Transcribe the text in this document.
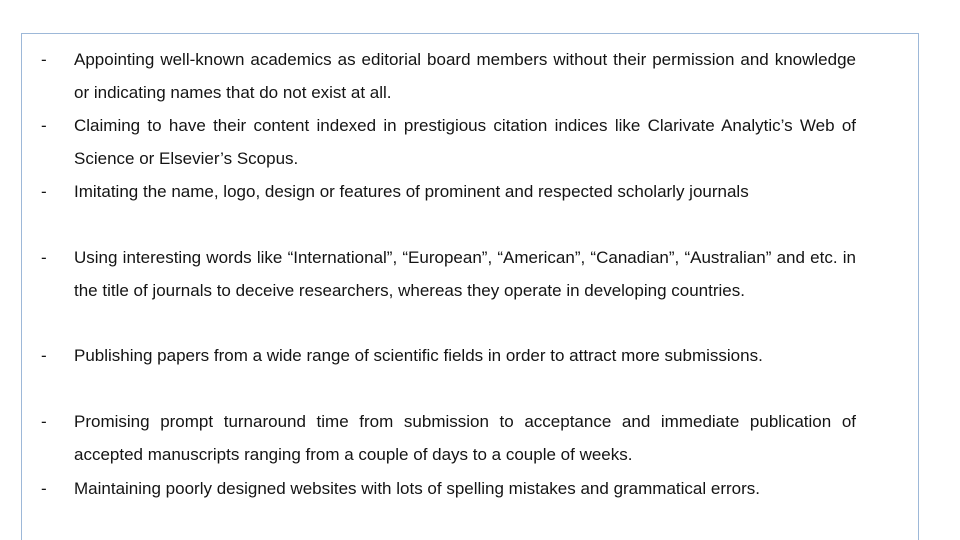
-	Appointing well-known academics as editorial board members without their permission and knowledge or indicating names that do not exist at all.

-	Claiming to have their content indexed in prestigious citation indices like Clarivate Analytic’s Web of Science or Elsevier’s Scopus.

-	Imitating the name, logo, design or features of prominent and respected scholarly journals

-	Using interesting words like “International”, “European”, “American”, “Canadian”, “Australian” and etc. in the title of journals to deceive researchers, whereas they operate in developing countries.

-	Publishing papers from a wide range of scientific fields in order to attract more submissions.

-	Promising prompt turnaround time from submission to acceptance and immediate publication of accepted manuscripts ranging from a couple of days to a couple of weeks.

-	Maintaining poorly designed websites with lots of spelling mistakes and grammatical errors.
